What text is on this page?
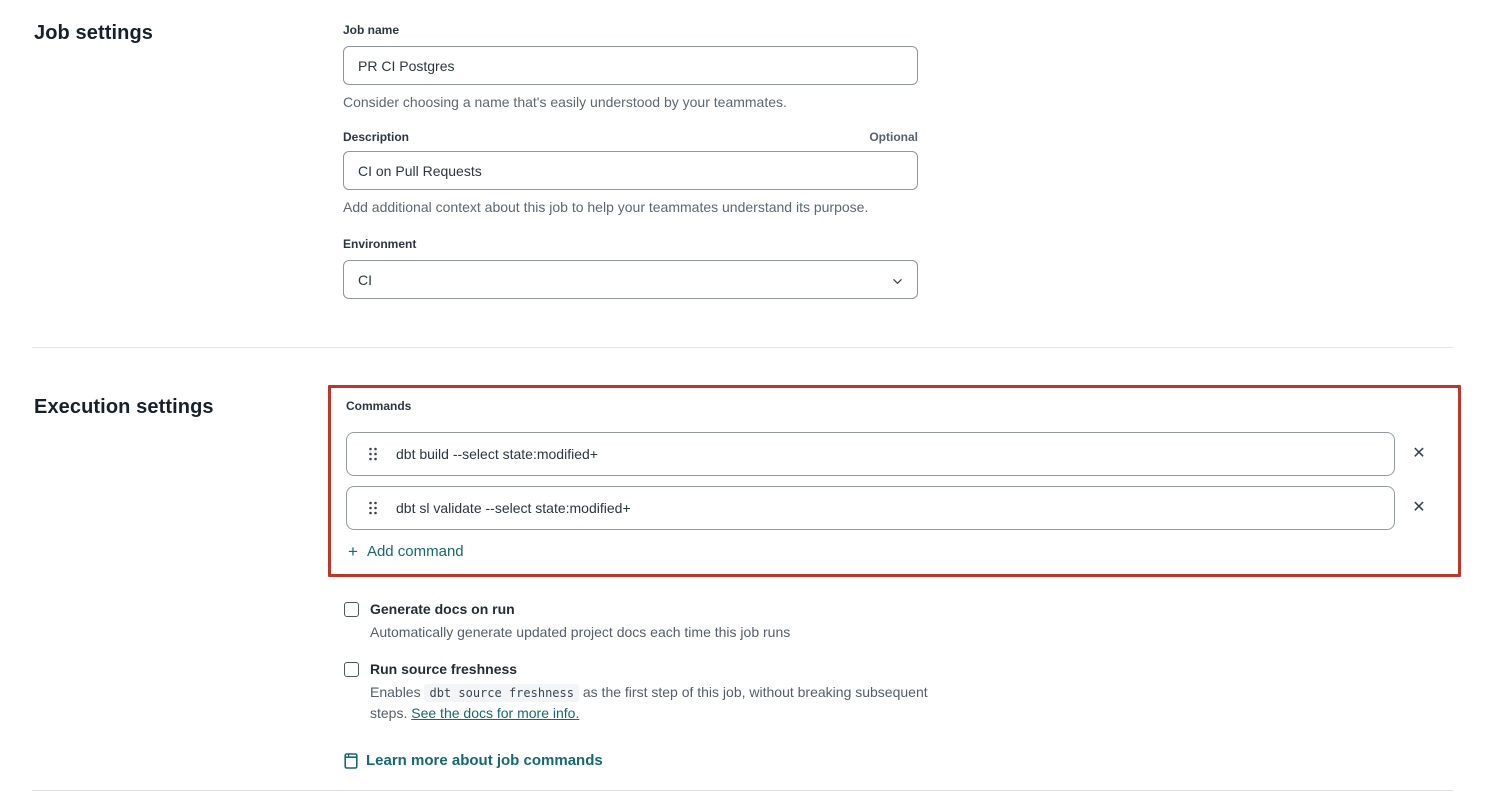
Job settings	Job name
PR CI Postgres
Consider choosing a name that's easily understood by your teammates.
Description	Optional
CI on Pull Requests
Add additional context about this job to help your teammates understand its purpose.
Environment
CI
Execution settings	Commands
dbt build --select state:modified+
✕
dbt sl validate --select state:modified+
✕
+ Add command
Generate docs on run
Automatically generate updated project docs each time this job runs
Run source freshness
Enables dbt source freshness as the first step of this job, without breaking subsequent steps. See the docs for more info.
Learn more about job commands
